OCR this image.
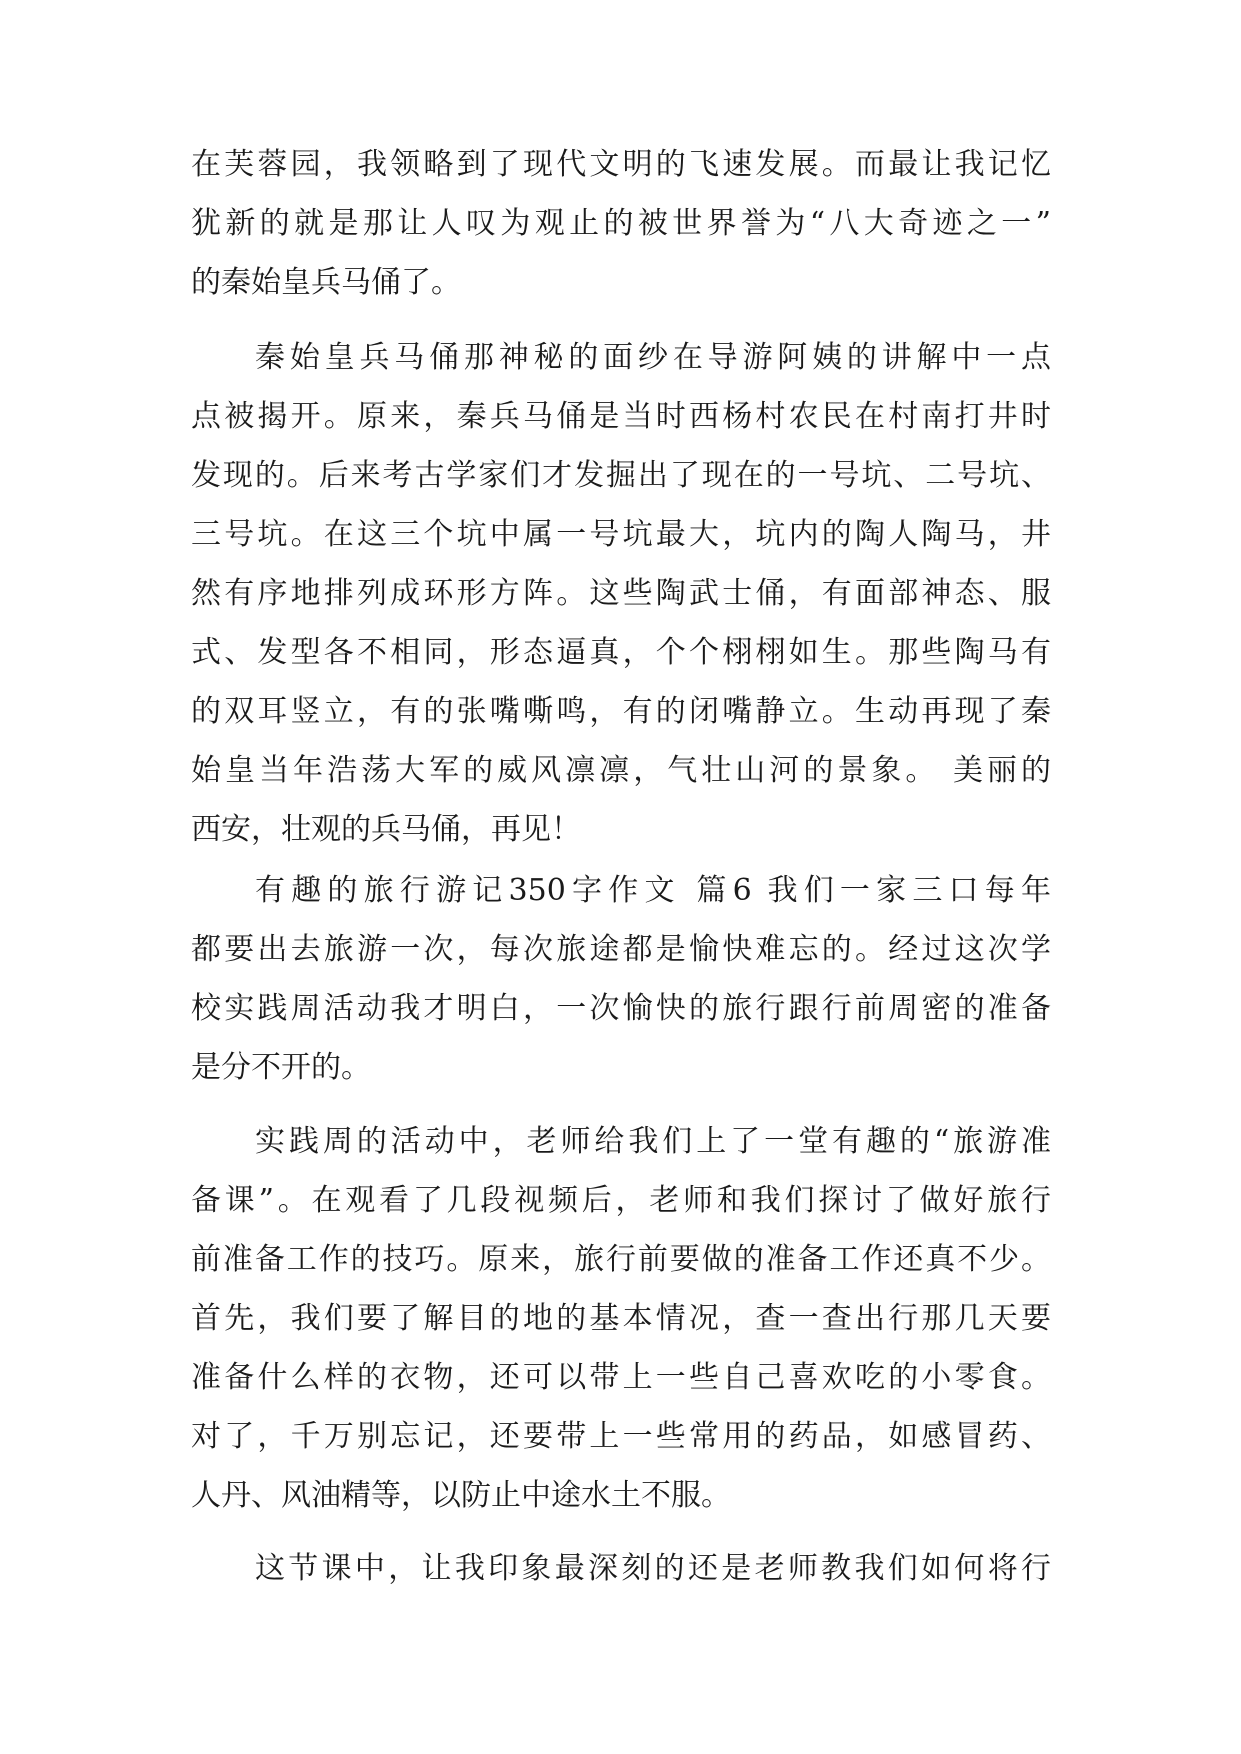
在芙蓉园，我领略到了现代文明的飞速发展。而最让我记忆
犹新的就是那让人叹为观止的被世界誉为“八大奇迹之一”
的秦始皇兵马俑了。
秦始皇兵马俑那神秘的面纱在导游阿姨的讲解中一点
点被揭开。原来，秦兵马俑是当时西杨村农民在村南打井时
发现的。后来考古学家们才发掘出了现在的一号坑、二号坑、
三号坑。在这三个坑中属一号坑最大，坑内的陶人陶马，井
然有序地排列成环形方阵。这些陶武士俑，有面部神态、服
式、发型各不相同，形态逼真，个个栩栩如生。那些陶马有
的双耳竖立，有的张嘴嘶鸣，有的闭嘴静立。生动再现了秦
始皇当年浩荡大军的威风凛凛，气壮山河的景象。 美丽的
西安，壮观的兵马俑，再见！
有趣的旅行游记350字作文 篇6 我们一家三口每年
都要出去旅游一次，每次旅途都是愉快难忘的。经过这次学
校实践周活动我才明白，一次愉快的旅行跟行前周密的准备
是分不开的。
实践周的活动中，老师给我们上了一堂有趣的“旅游准
备课”。在观看了几段视频后，老师和我们探讨了做好旅行
前准备工作的技巧。原来，旅行前要做的准备工作还真不少。
首先，我们要了解目的地的基本情况，查一查出行那几天要
准备什么样的衣物，还可以带上一些自己喜欢吃的小零食。
对了，千万别忘记，还要带上一些常用的药品，如感冒药、
人丹、风油精等，以防止中途水土不服。
这节课中，让我印象最深刻的还是老师教我们如何将行
